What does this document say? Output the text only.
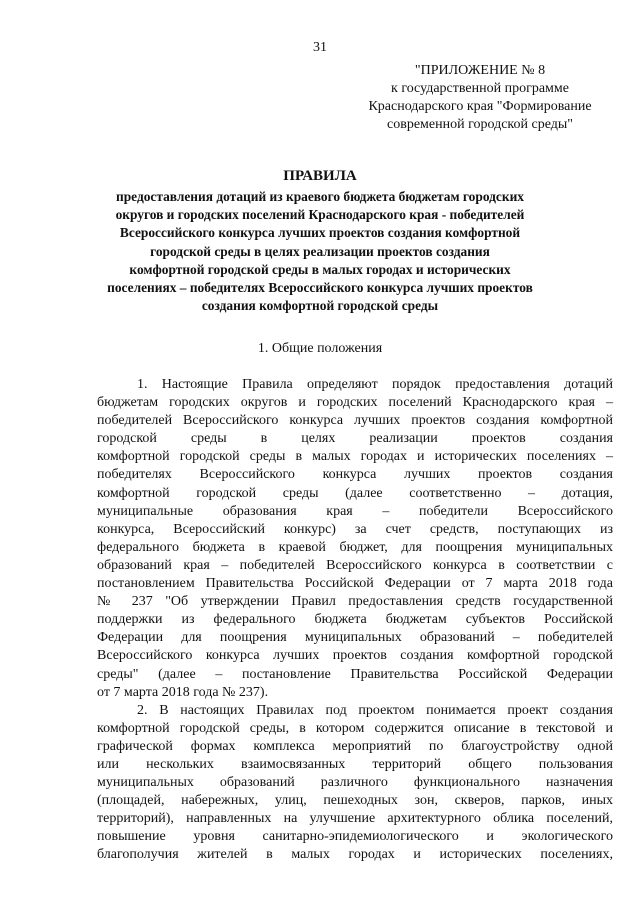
31
"ПРИЛОЖЕНИЕ № 8
к государственной программе
Краснодарского края "Формирование
современной городской среды"
ПРАВИЛА
предоставления дотаций из краевого бюджета бюджетам городских
округов и городских поселений Краснодарского края - победителей
Всероссийского конкурса лучших проектов создания комфортной
городской среды в целях реализации проектов создания
комфортной городской среды в малых городах и исторических
поселениях – победителях Всероссийского конкурса лучших проектов
создания комфортной городской среды
1. Общие положения
1. Настоящие Правила определяют порядок предоставления дотаций
бюджетам городских округов и городских поселений Краснодарского края –
победителей Всероссийского конкурса лучших проектов создания комфортной
городской среды в целях реализации проектов создания
комфортной городской среды в малых городах и исторических поселениях –
победителях Всероссийского конкурса лучших проектов создания
комфортной городской среды (далее соответственно – дотация,
муниципальные образования края – победители Всероссийского
конкурса, Всероссийский конкурс) за счет средств, поступающих из
федерального бюджета в краевой бюджет, для поощрения муниципальных
образований края – победителей Всероссийского конкурса в соответствии с
постановлением Правительства Российской Федерации от 7 марта 2018 года
№ 237 "Об утверждении Правил предоставления средств государственной
поддержки из федерального бюджета бюджетам субъектов Российской
Федерации для поощрения муниципальных образований – победителей
Всероссийского конкурса лучших проектов создания комфортной городской
среды" (далее – постановление Правительства Российской Федерации
от 7 марта 2018 года № 237).
2. В настоящих Правилах под проектом понимается проект создания
комфортной городской среды, в котором содержится описание в текстовой и
графической формах комплекса мероприятий по благоустройству одной
или нескольких взаимосвязанных территорий общего пользования
муниципальных образований различного функционального назначения
(площадей, набережных, улиц, пешеходных зон, скверов, парков, иных
территорий), направленных на улучшение архитектурного облика поселений,
повышение уровня санитарно-эпидемиологического и экологического
благополучия жителей в малых городах и исторических поселениях,
